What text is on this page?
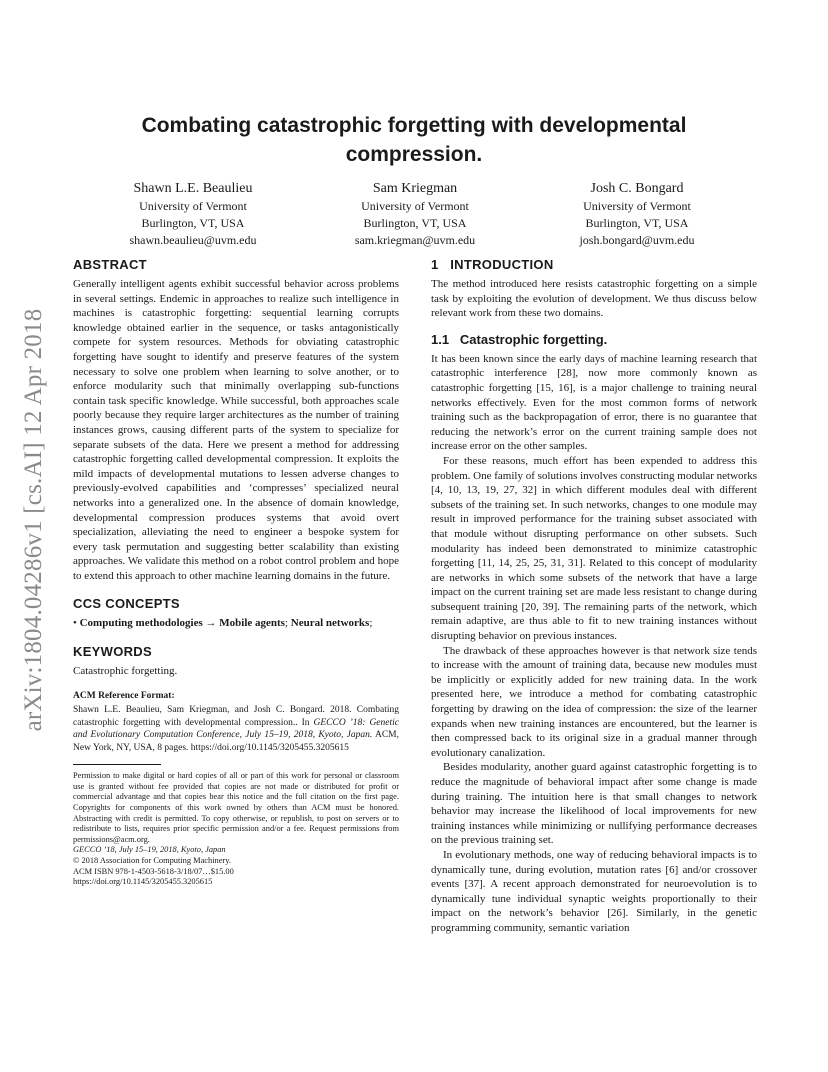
arXiv:1804.04286v1 [cs.AI] 12 Apr 2018
Combating catastrophic forgetting with developmental compression.
Shawn L.E. Beaulieu
University of Vermont
Burlington, VT, USA
shawn.beaulieu@uvm.edu
Sam Kriegman
University of Vermont
Burlington, VT, USA
sam.kriegman@uvm.edu
Josh C. Bongard
University of Vermont
Burlington, VT, USA
josh.bongard@uvm.edu
ABSTRACT

Generally intelligent agents exhibit successful behavior across problems in several settings. Endemic in approaches to realize such intelligence in machines is catastrophic forgetting: sequential learning corrupts knowledge obtained earlier in the sequence, or tasks antagonistically compete for system resources. Methods for obviating catastrophic forgetting have sought to identify and preserve features of the system necessary to solve one problem when learning to solve another, or to enforce modularity such that minimally overlapping sub-functions contain task specific knowledge. While successful, both approaches scale poorly because they require larger architectures as the number of training instances grows, causing different parts of the system to specialize for separate subsets of the data. Here we present a method for addressing catastrophic forgetting called developmental compression. It exploits the mild impacts of developmental mutations to lessen adverse changes to previously-evolved capabilities and ‘compresses’ specialized neural networks into a generalized one. In the absence of domain knowledge, developmental compression produces systems that avoid overt specialization, alleviating the need to engineer a bespoke system for every task permutation and suggesting better scalability than existing approaches. We validate this method on a robot control problem and hope to extend this approach to other machine learning domains in the future.

CCS CONCEPTS

• Computing methodologies → Mobile agents; Neural networks;

KEYWORDS

Catastrophic forgetting.

ACM Reference Format:

Shawn L.E. Beaulieu, Sam Kriegman, and Josh C. Bongard. 2018. Combating catastrophic forgetting with developmental compression.. In GECCO ’18: Genetic and Evolutionary Computation Conference, July 15–19, 2018, Kyoto, Japan. ACM, New York, NY, USA, 8 pages. https://doi.org/10.1145/3205455.3205615

Permission to make digital or hard copies of all or part of this work for personal or classroom use is granted without fee provided that copies are not made or distributed for profit or commercial advantage and that copies bear this notice and the full citation on the first page. Copyrights for components of this work owned by others than ACM must be honored. Abstracting with credit is permitted. To copy otherwise, or republish, to post on servers or to redistribute to lists, requires prior specific permission and/or a fee. Request permissions from permissions@acm.org.

GECCO ’18, July 15–19, 2018, Kyoto, Japan

© 2018 Association for Computing Machinery.

ACM ISBN 978-1-4503-5618-3/18/07…$15.00

https://doi.org/10.1145/3205455.3205615

1   INTRODUCTION

The method introduced here resists catastrophic forgetting on a simple task by exploiting the evolution of development. We thus discuss below relevant work from these two domains.

1.1   Catastrophic forgetting.

It has been known since the early days of machine learning research that catastrophic interference [28], now more commonly known as catastrophic forgetting [15, 16], is a major challenge to training neural networks effectively. Even for the most common forms of network training such as the backpropagation of error, there is no guarantee that reducing the network’s error on the current training sample does not increase error on the other samples.

For these reasons, much effort has been expended to address this problem. One family of solutions involves constructing modular networks [4, 10, 13, 19, 27, 32] in which different modules deal with different subsets of the training set. In such networks, changes to one module may result in improved performance for the training subset associated with that module without disrupting performance on other subsets. Such modularity has indeed been demonstrated to minimize catastrophic forgetting [11, 14, 25, 25, 31, 31]. Related to this concept of modularity are networks in which some subsets of the network that have a large impact on the current training set are made less resistant to change during subsequent training [20, 39]. The remaining parts of the network, which remain adaptive, are thus able to fit to new training instances without disrupting behavior on previous instances.

The drawback of these approaches however is that network size tends to increase with the amount of training data, because new modules must be implicitly or explicitly added for new training data. In the work presented here, we introduce a method for combating catastrophic forgetting by drawing on the idea of compression: the size of the learner expands when new training instances are encountered, but the learner is then compressed back to its original size in a gradual manner through evolutionary canalization.

Besides modularity, another guard against catastrophic forgetting is to reduce the magnitude of behavioral impact after some change is made during training. The intuition here is that small changes to network behavior may increase the likelihood of local improvements for new training instances while minimizing or nullifying performance decreases on the previous training set.

In evolutionary methods, one way of reducing behavioral impacts is to dynamically tune, during evolution, mutation rates [6] and/or crossover events [37]. A recent approach demonstrated for neuroevolution is to dynamically tune individual synaptic weights proportionally to their impact on the network’s behavior [26]. Similarly, in the genetic programming community, semantic variation
